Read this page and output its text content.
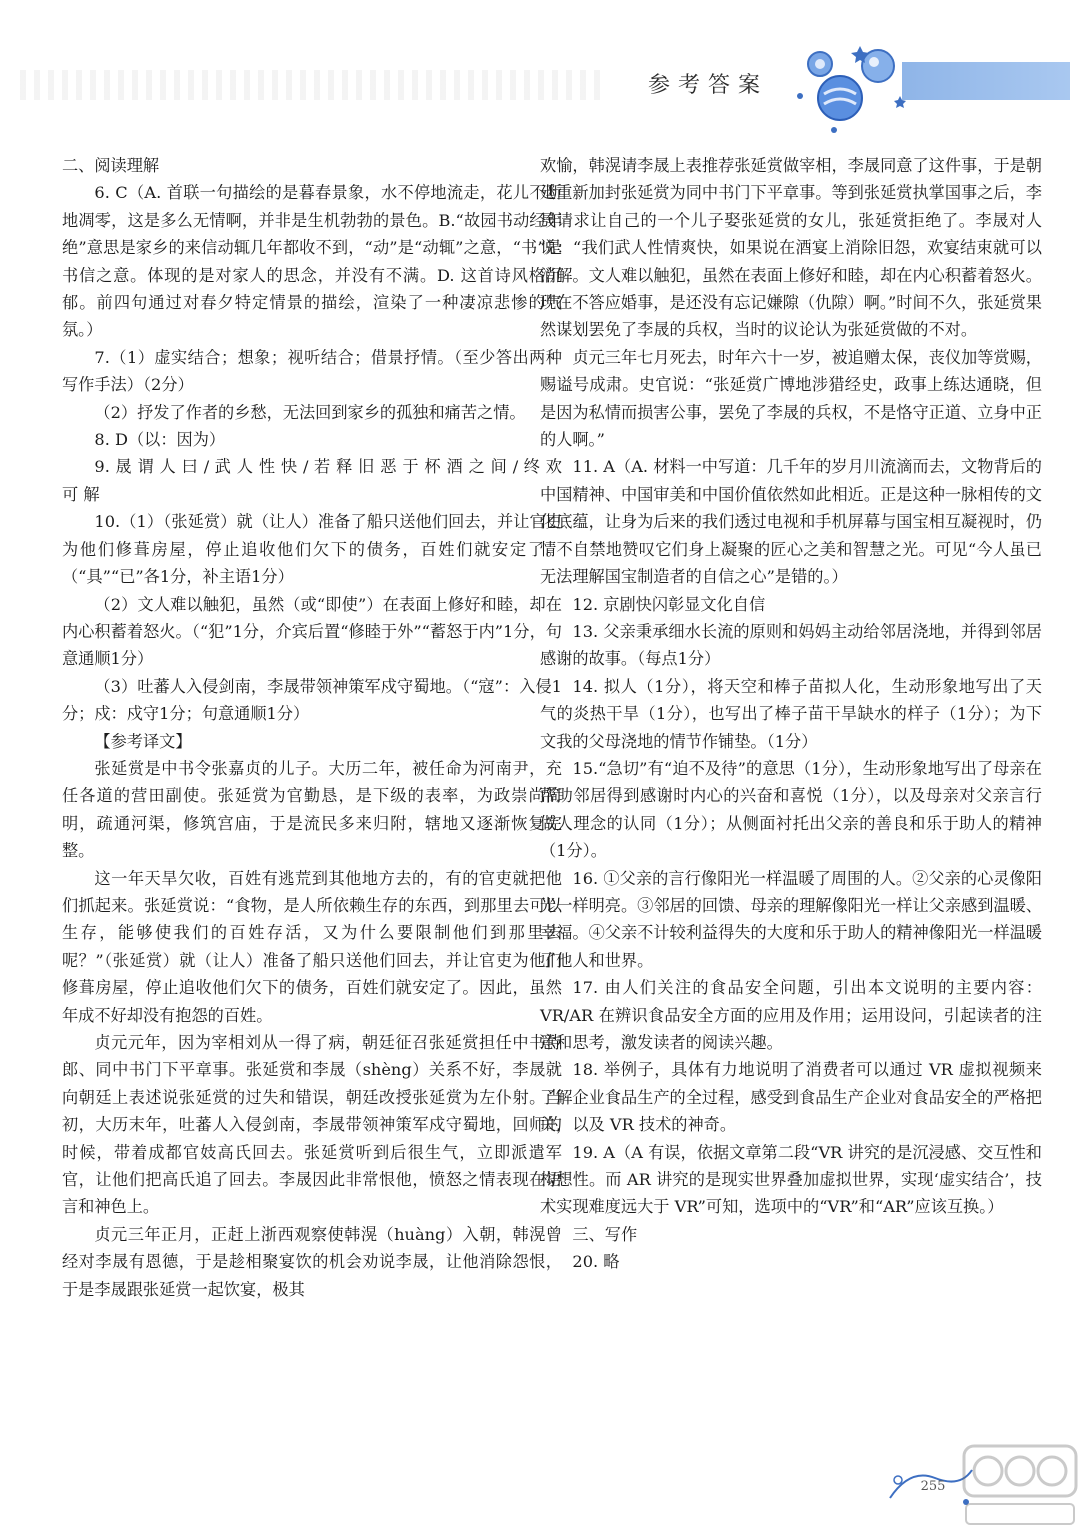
参考答案

二、阅读理解

6. C（A. 首联一句描绘的是暮春景象，水不停地流走，花儿不断地凋零，这是多么无情啊，并非是生机勃勃的景色。B.“故园书动经年绝”意思是家乡的来信动辄几年都收不到，“动”是“动辄”之意，“书”是书信之意。体现的是对家人的思念，并没有不满。D. 这首诗风格沉郁。前四句通过对春夕特定情景的描绘，渲染了一种凄凉悲惨的气氛。）

7.（1）虚实结合；想象；视听结合；借景抒情。（至少答出两种写作手法）（2分）

（2）抒发了作者的乡愁，无法回到家乡的孤独和痛苦之情。

8. D（以：因为）

9. 晟 谓 人 曰 / 武 人 性 快 / 若 释 旧 恶 于 杯 酒 之 间 / 终 欢 可 解

10.（1）（张延赏）就（让人）准备了船只送他们回去，并让官吏为他们修葺房屋，停止追收他们欠下的债务，百姓们就安定了。（“具”“已”各1分，补主语1分）

（2）文人难以触犯，虽然（或“即使”）在表面上修好和睦，却在内心积蓄着怒火。（“犯”1分，介宾后置“修睦于外”“蓄怒于内”1分，句意通顺1分）

（3）吐蕃人入侵剑南，李晟带领神策军戍守蜀地。（“寇”：入侵1分；戍：戍守1分；句意通顺1分）

【参考译文】

张延赏是中书令张嘉贞的儿子。大历二年，被任命为河南尹，充任各道的营田副使。张延赏为官勤恳，是下级的表率，为政崇尚简明，疏通河渠，修筑宫庙，于是流民多来归附，辖地又逐渐恢复完整。

这一年天旱欠收，百姓有逃荒到其他地方去的，有的官吏就把他们抓起来。张延赏说：“食物，是人所依赖生存的东西，到那里去可以生存，能够使我们的百姓存活，又为什么要限制他们到那里去呢？”（张延赏）就（让人）准备了船只送他们回去，并让官吏为他们修葺房屋，停止追收他们欠下的债务，百姓们就安定了。因此，虽然年成不好却没有抱怨的百姓。

贞元元年，因为宰相刘从一得了病，朝廷征召张延赏担任中书侍郎、同中书门下平章事。张延赏和李晟（shèng）关系不好，李晟就向朝廷上表述说张延赏的过失和错误，朝廷改授张延赏为左仆射。当初，大历末年，吐蕃人入侵剑南，李晟带领神策军戍守蜀地，回师的时候，带着成都官妓高氏回去。张延赏听到后很生气，立即派遣军官，让他们把高氏追了回去。李晟因此非常恨他，愤怒之情表现在语言和神色上。

贞元三年正月，正赶上浙西观察使韩滉（huàng）入朝，韩滉曾经对李晟有恩德，于是趁相聚宴饮的机会劝说李晟，让他消除怨恨，于是李晟跟张延赏一起饮宴，极其

欢愉，韩滉请李晟上表推荐张延赏做宰相，李晟同意了这件事，于是朝廷重新加封张延赏为同中书门下平章事。等到张延赏执掌国事之后，李晟请求让自己的一个儿子娶张延赏的女儿，张延赏拒绝了。李晟对人说：“我们武人性情爽快，如果说在酒宴上消除旧怨，欢宴结束就可以消解。文人难以触犯，虽然在表面上修好和睦，却在内心积蓄着怒火。现在不答应婚事，是还没有忘记嫌隙（仇隙）啊。”时间不久，张延赏果然谋划罢免了李晟的兵权，当时的议论认为张延赏做的不对。

贞元三年七月死去，时年六十一岁，被追赠太保，丧仪加等赏赐，赐谥号成肃。史官说：“张延赏广博地涉猎经史，政事上练达通晓，但是因为私情而损害公事，罢免了李晟的兵权，不是恪守正道、立身中正的人啊。”

11. A（A. 材料一中写道：几千年的岁月川流滴而去，文物背后的中国精神、中国审美和中国价值依然如此相近。正是这种一脉相传的文化底蕴，让身为后来的我们透过电视和手机屏幕与国宝相互凝视时，仍情不自禁地赞叹它们身上凝聚的匠心之美和智慧之光。可见“今人虽已无法理解国宝制造者的自信之心”是错的。）

12. 京剧快闪彰显文化自信

13. 父亲秉承细水长流的原则和妈妈主动给邻居浇地，并得到邻居感谢的故事。（每点1分）

14. 拟人（1分），将天空和棒子苗拟人化，生动形象地写出了天气的炎热干旱（1分），也写出了棒子苗干旱缺水的样子（1分）；为下文我的父母浇地的情节作铺垫。（1分）

15.“急切”有“迫不及待”的意思（1分），生动形象地写出了母亲在帮助邻居得到感谢时内心的兴奋和喜悦（1分），以及母亲对父亲言行做人理念的认同（1分）；从侧面衬托出父亲的善良和乐于助人的精神（1分）。

16. ①父亲的言行像阳光一样温暖了周围的人。②父亲的心灵像阳光一样明亮。③邻居的回馈、母亲的理解像阳光一样让父亲感到温暖、幸福。④父亲不计较利益得失的大度和乐于助人的精神像阳光一样温暖了他人和世界。

17. 由人们关注的食品安全问题，引出本文说明的主要内容：VR/AR 在辨识食品安全方面的应用及作用；运用设问，引起读者的注意和思考，激发读者的阅读兴趣。

18. 举例子，具体有力地说明了消费者可以通过 VR 虚拟视频来了解企业食品生产的全过程，感受到食品生产企业对食品安全的严格把关，以及 VR 技术的神奇。

19. A（A 有误，依据文章第二段“VR 讲究的是沉浸感、交互性和构想性。而 AR 讲究的是现实世界叠加虚拟世界，实现‘虚实结合’，技术实现难度远大于 VR”可知，选项中的“VR”和“AR”应该互换。）

三、写作

20. 略

255
